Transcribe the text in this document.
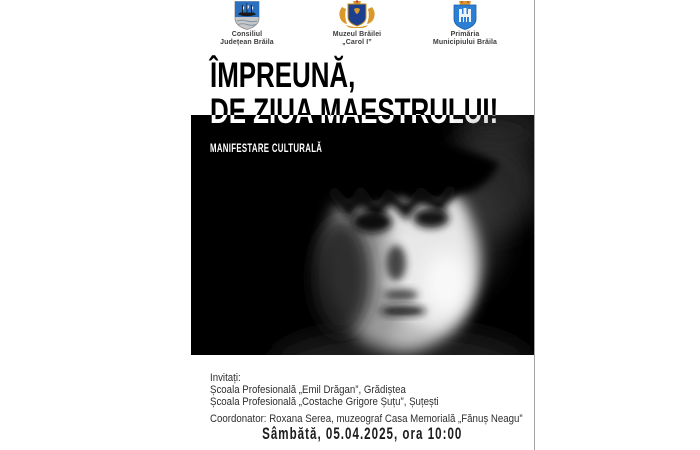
Consiliul
Județean Brăila
Muzeul Brăilei
„Carol I”
Primăria
Municipiului Brăila
ÎMPREUNĂ,
DE ZIUA MAESTRULUI!
MANIFESTARE CULTURALĂ
Invitați:
Școala Profesională „Emil Drăgan”, Grădiștea
Școala Profesională „Costache Grigore Șuțu”, Șuțești
Coordonator: Roxana Serea, muzeograf Casa Memorială „Fănuș Neagu”
Sâmbătă, 05.04.2025, ora 10:00
